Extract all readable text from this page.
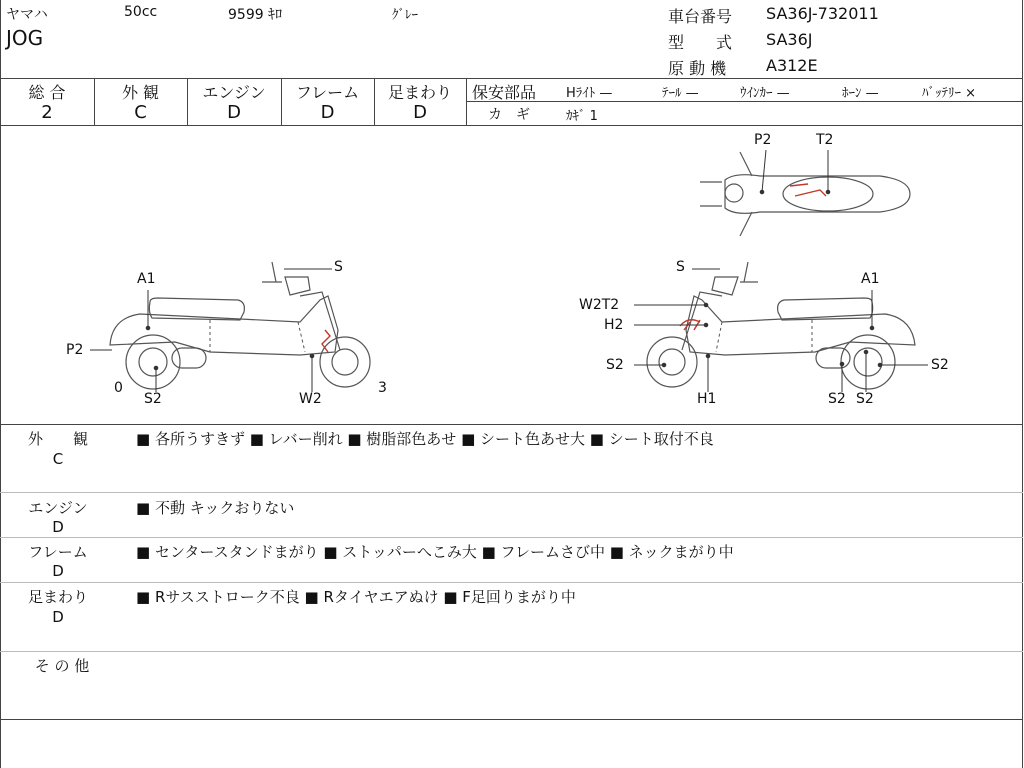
ヤマハ	50cc	9599 ｷﾛ	ｸﾞﾚｰ
JOG
車台番号 SA36J-732011
型　　式 SA36J
原 動 機 A312E
総 合	外 観	エンジン	フレーム	足まわり
2	C	D	D	D
保安部品 Hﾗｲﾄ —	ﾃｰﾙ —	ｳｲﾝｶｰ —	ﾎｰﾝ —	ﾊﾞｯﾃﾘｰ ×
カ　ギ	ｶｷﾞ 1
P2	T2
A1
S
P2
0
S2	W2
3
S
A1
W2T2
H2
S2	S2
H1	S2 S2
外　　観
C
■ 各所うすきず ■ レバー削れ ■ 樹脂部色あせ ■ シート色あせ大 ■ シート取付不良
エンジン
D
■ 不動 キックおりない
フレーム
D
■ センタースタンドまがり ■ ストッパーへこみ大 ■ フレームさび中 ■ ネックまがり中
足まわり
D
■ Rサスストローク不良 ■ Rタイヤエアぬけ ■ F足回りまがり中
そ の 他
